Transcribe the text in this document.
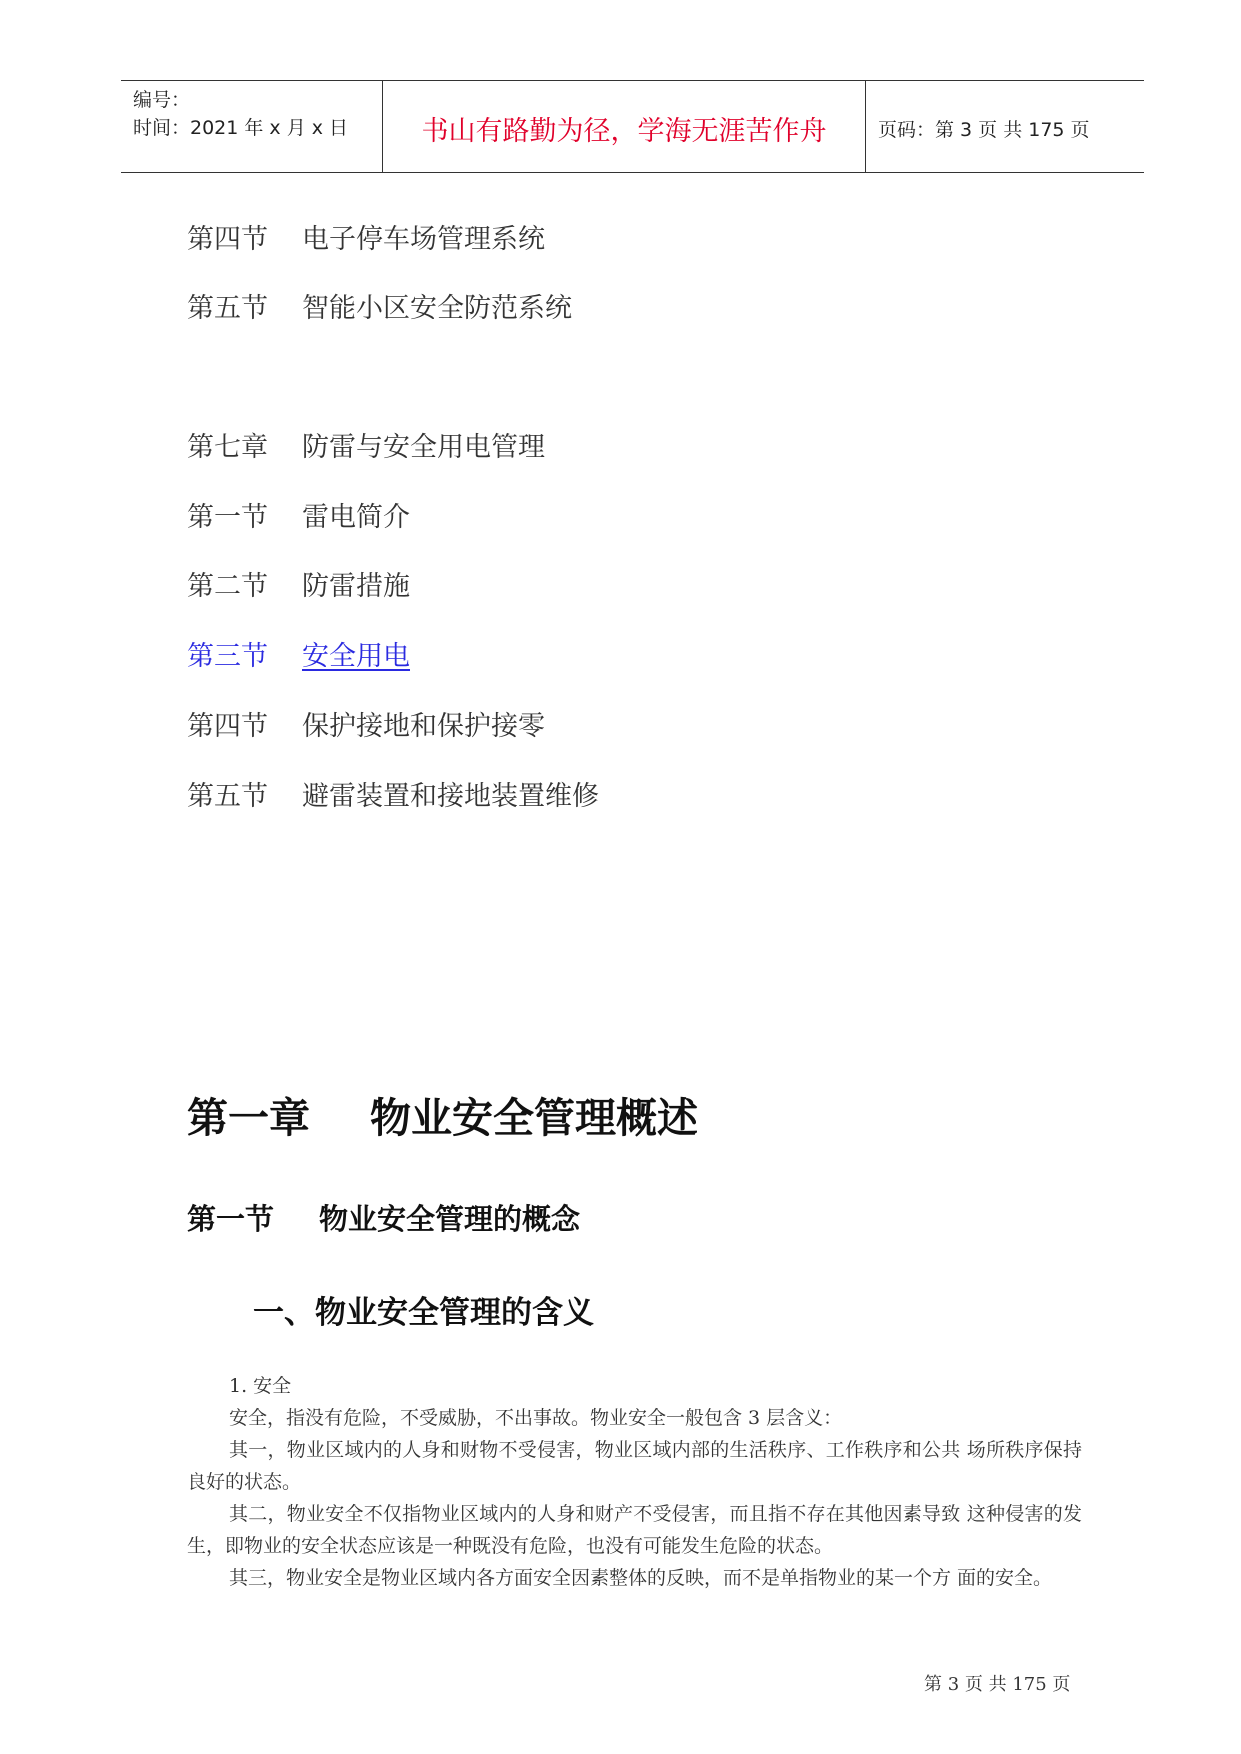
编号：
时间：2021 年 x 月 x 日	书山有路勤为径，学海无涯苦作舟	页码：第 3 页 共 175 页
第四节 电子停车场管理系统
第五节 智能小区安全防范系统
第七章 防雷与安全用电管理
第一节 雷电简介
第二节 防雷措施
第三节 安全用电
第四节 保护接地和保护接零
第五节 避雷装置和接地装置维修
第一章 物业安全管理概述
第一节 物业安全管理的概念
一、物业安全管理的含义

1. 安全

安全，指没有危险，不受威胁，不出事故。物业安全一般包含 3 层含义：

其一，物业区域内的人身和财物不受侵害，物业区域内部的生活秩序、工作秩序和公共 场所秩序保持良好的状态。

其二，物业安全不仅指物业区域内的人身和财产不受侵害，而且指不存在其他因素导致 这种侵害的发生，即物业的安全状态应该是一种既没有危险，也没有可能发生危险的状态。

其三，物业安全是物业区域内各方面安全因素整体的反映，而不是单指物业的某一个方 面的安全。

第 3 页 共 175 页
